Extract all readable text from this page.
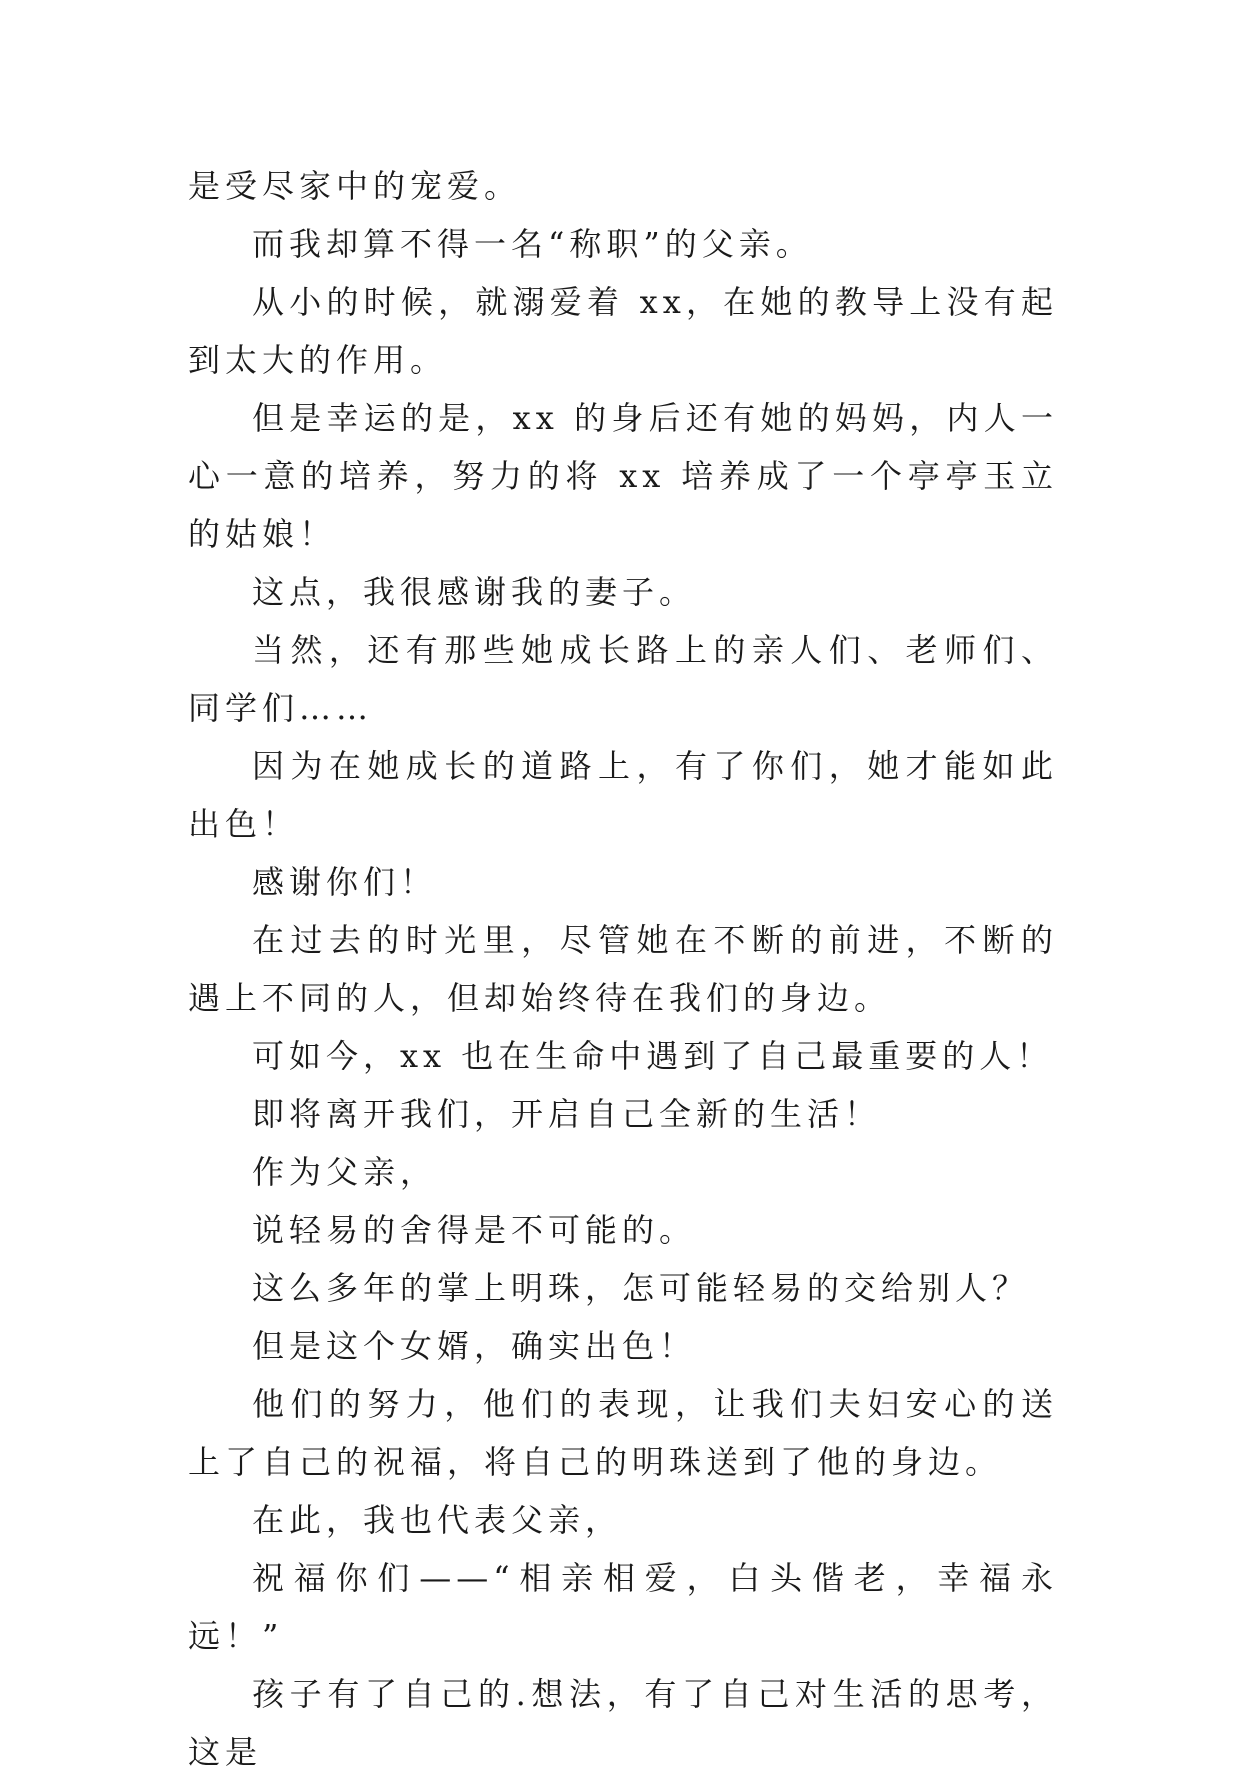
是受尽家中的宠爱。

而我却算不得一名“称职”的父亲。

从小的时候，就溺爱着 xx，在她的教导上没有起到太大的作用。

但是幸运的是，xx 的身后还有她的妈妈，内人一心一意的培养，努力的将 xx 培养成了一个亭亭玉立的姑娘！

这点，我很感谢我的妻子。

当然，还有那些她成长路上的亲人们、老师们、同学们……

因为在她成长的道路上，有了你们，她才能如此出色！

感谢你们！

在过去的时光里，尽管她在不断的前进，不断的遇上不同的人，但却始终待在我们的身边。

可如今，xx 也在生命中遇到了自己最重要的人！

即将离开我们，开启自己全新的生活！

作为父亲，

说轻易的舍得是不可能的。

这么多年的掌上明珠，怎可能轻易的交给别人？

但是这个女婿，确实出色！

他们的努力，他们的表现，让我们夫妇安心的送上了自己的祝福，将自己的明珠送到了他的身边。

在此，我也代表父亲，

祝福你们——“相亲相爱，白头偕老，幸福永远！”

孩子有了自己的.想法，有了自己对生活的思考，这是
